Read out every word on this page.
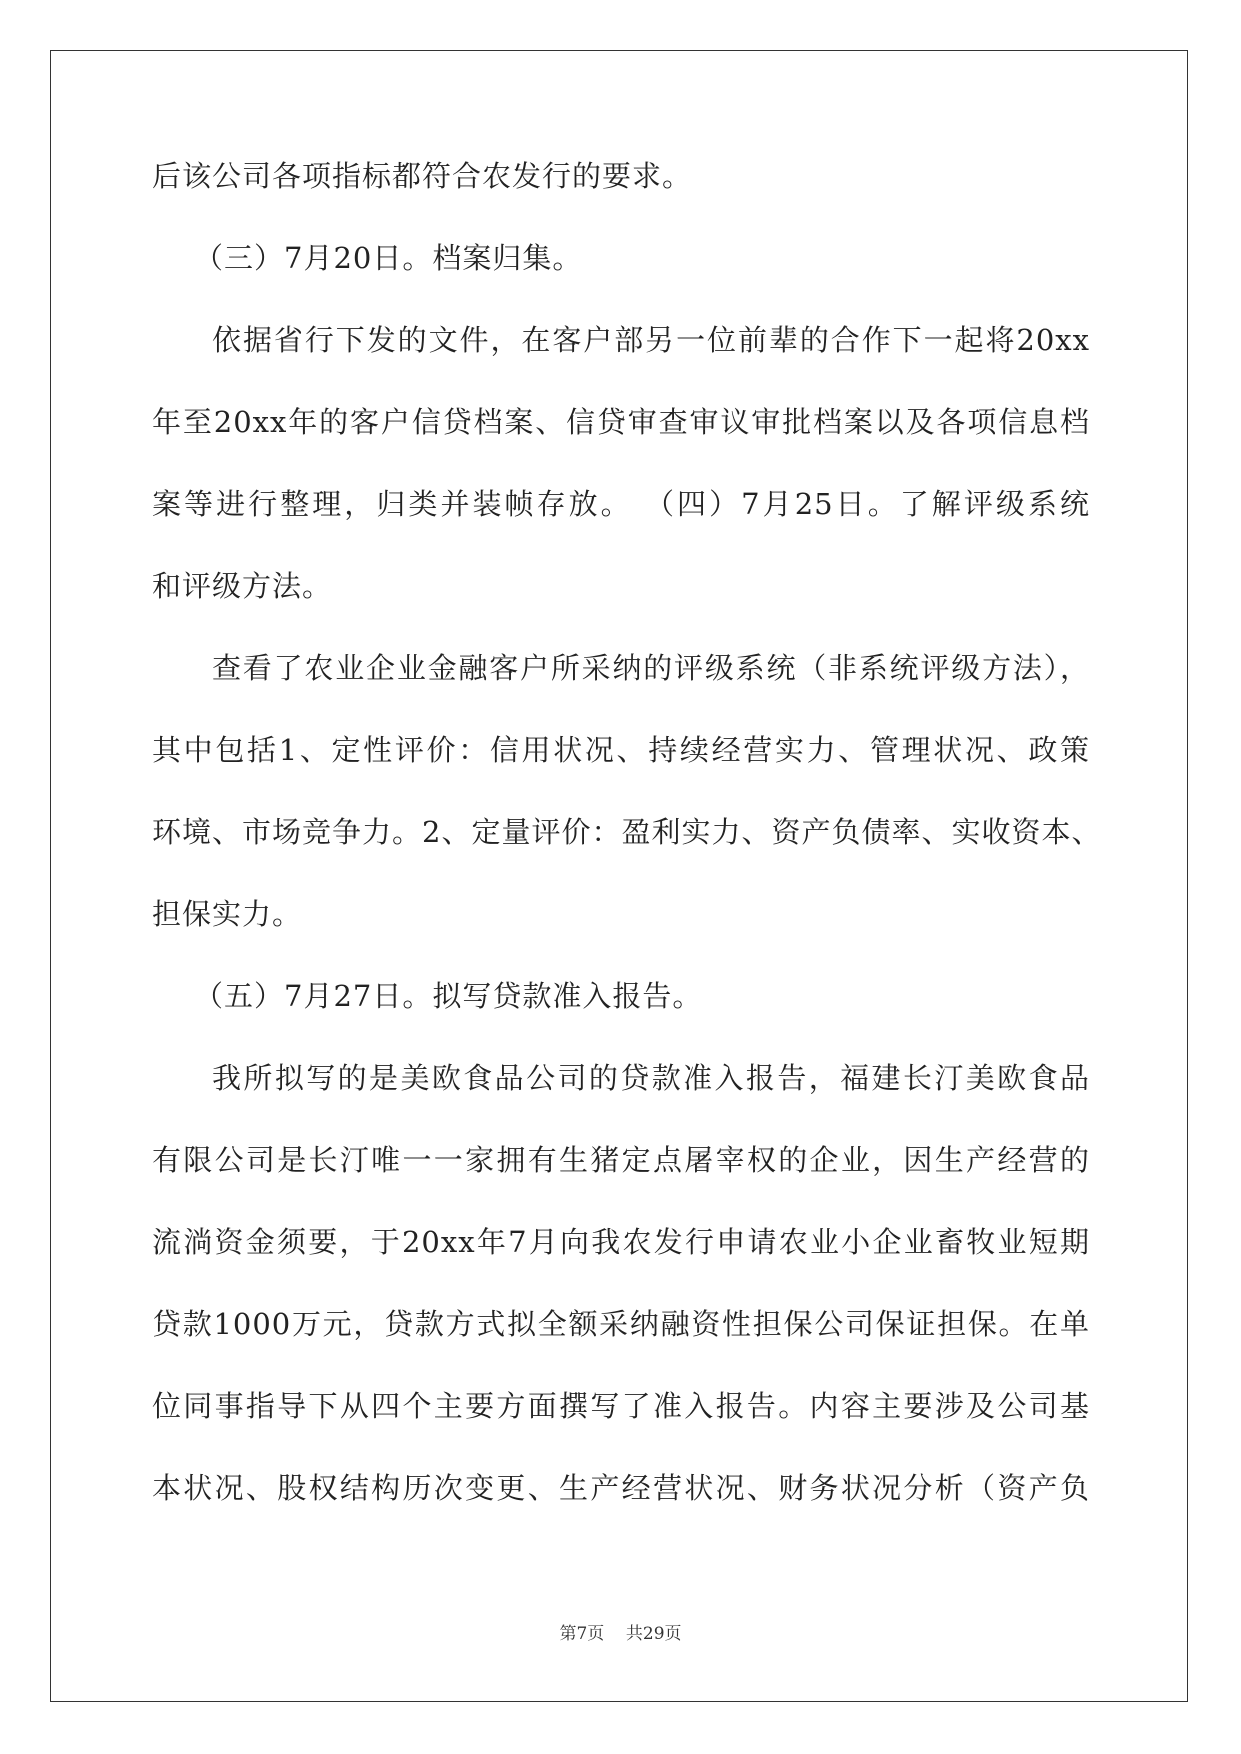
后该公司各项指标都符合农发行的要求。
（三）7月20日。档案归集。
依据省行下发的文件，在客户部另一位前辈的合作下一起将20xx
年至20xx年的客户信贷档案、信贷审查审议审批档案以及各项信息档
案等进行整理，归类并装帧存放。 （四）7月25日。了解评级系统
和评级方法。
查看了农业企业金融客户所采纳的评级系统（非系统评级方法），
其中包括1、定性评价：信用状况、持续经营实力、管理状况、政策
环境、市场竞争力。2、定量评价：盈利实力、资产负债率、实收资本、
担保实力。
（五）7月27日。拟写贷款准入报告。
我所拟写的是美欧食品公司的贷款准入报告，福建长汀美欧食品
有限公司是长汀唯一一家拥有生猪定点屠宰权的企业，因生产经营的
流淌资金须要，于20xx年7月向我农发行申请农业小企业畜牧业短期
贷款1000万元，贷款方式拟全额采纳融资性担保公司保证担保。在单
位同事指导下从四个主要方面撰写了准入报告。内容主要涉及公司基
本状况、股权结构历次变更、生产经营状况、财务状况分析（资产负
第7页 共29页
